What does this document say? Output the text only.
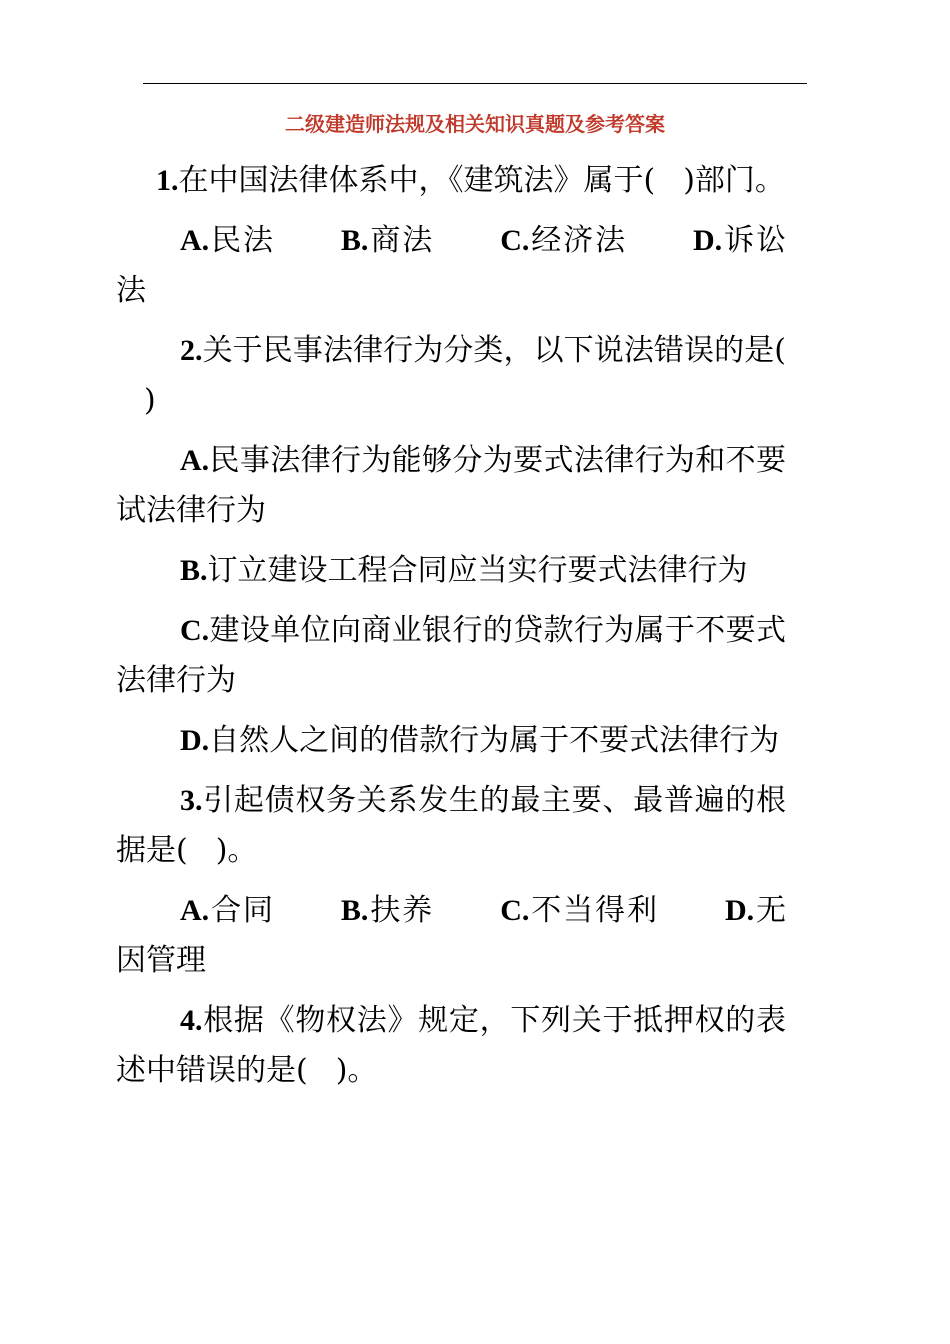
二级建造师法规及相关知识真题及参考答案

1.在中国法律体系中，《建筑法》属于( )部门。

A.民法 B.商法 C.经济法 D.诉讼法

2.关于民事法律行为分类，以下说法错误的是()

A.民事法律行为能够分为要式法律行为和不要试法律行为

B.订立建设工程合同应当实行要式法律行为

C.建设单位向商业银行的贷款行为属于不要式法律行为

D.自然人之间的借款行为属于不要式法律行为

3.引起债权务关系发生的最主要、最普遍的根据是( )。

A.合同 B.扶养 C.不当得利 D.无因管理

4.根据《物权法》规定，下列关于抵押权的表述中错误的是( )。
